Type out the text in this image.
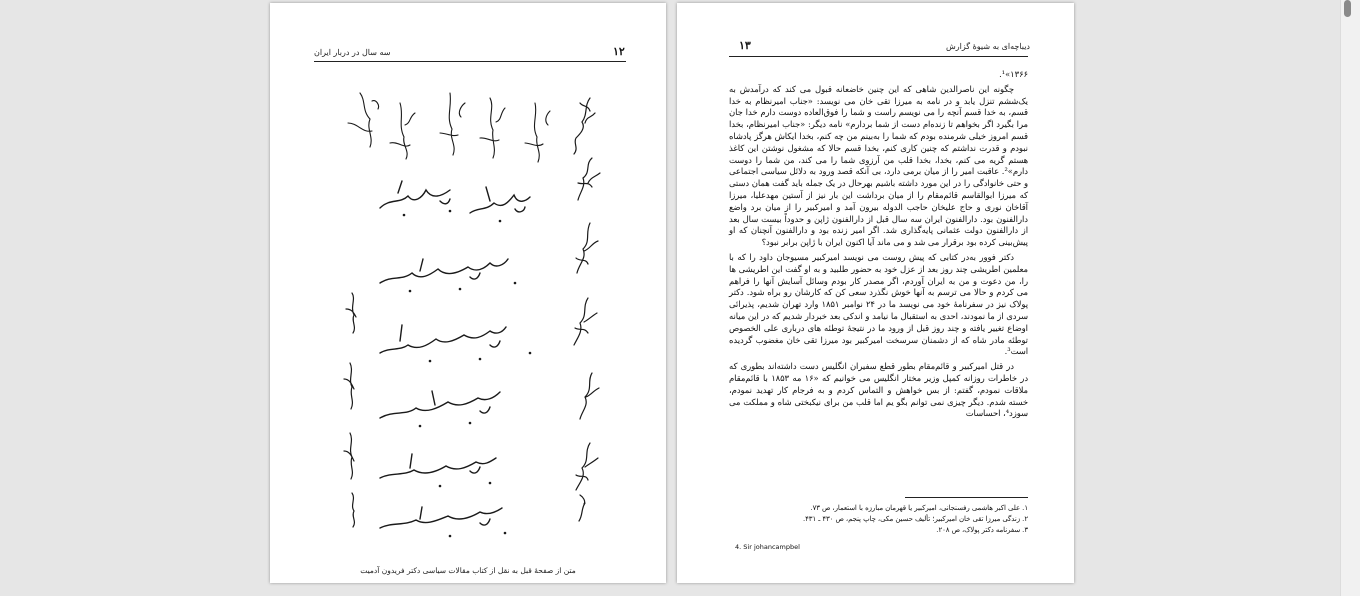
سه سال در دربار ایران	۱۲
متن از صفحهٔ قبل به نقل از کتاب مقالات سیاسی دکتر فریدون آدمیت
دیباچه‌ای به شیوهٔ گزارش
۱۳

۱۳۶۶»¹.

چگونه این ناصرالدین شاهی که این چنین خاضعانه قبول می کند که درآمدش به یک‌ششم تنزل یابد و در نامه به میرزا تقی خان می نویسد: «جناب امیرنظام به خدا قسم، به خدا قسم آنچه را می نویسم راست و شما را فوق‌العاده دوست دارم خدا جان مرا بگیرد اگر بخواهم تا زنده‌ام دست از شما بردارم» نامه دیگر: «جناب امیرنظام، بخدا قسم امروز خیلی شرمنده بودم که شما را به‌بینم من چه کنم، بخدا ایکاش هرگز پادشاه نبودم و قدرت نداشتم که چنین کاری کنم، بخدا قسم حالا که مشغول نوشتن این کاغذ هستم گریه می کنم، بخدا، بخدا قلب من آرزوی شما را می کند، من شما را دوست دارم»². عاقبت امیر را از میان برمی دارد، بی آنکه قصد ورود به دلائل سیاسی اجتماعی و حتی خانوادگی را در این مورد داشته باشیم بهرحال در یک جمله باید گفت همان دستی که میرزا ابوالقاسم قائم‌مقام را از میان برداشت این بار نیز از آستین مهدعلیا، میرزا آقاخان نوری و حاج علیخان حاجب الدوله بیرون آمد و امیرکبیر را از میان برد واضع دارالفنون بود. دارالفنون ایران سه سال قبل از دارالفنون ژاپن و حدوداً بیست سال بعد از دارالفنون دولت عثمانی پایه‌گذاری شد. اگر امیر زنده بود و دارالفنون آنچنان که او پیش‌بینی کرده بود برقرار می شد و می ماند آیا اکنون ایران با ژاپن برابر نبود؟

دکتر فوور به‌در کتابی که پیش روست می نویسد امیرکبیر مسیوجان داود را که با معلمین اطریشی چند روز بعد از عزل خود به حضور طلبید و به او گفت این اطریشی ها را، من دعوت و من به ایران آوردم، اگر مصدر کار بودم وسائل آسایش آنها را فراهم می کردم و حالا می ترسم به آنها خوش نگذرد سعی کن که کارشان رو براه شود. دکتر پولاک نیز در سفرنامهٔ خود می نویسد ما در ۲۴ نوامبر ۱۸۵۱ وارد تهران شدیم، پذیرائی سردی از ما نمودند، احدی به استقبال ما نیامد و اندکی بعد خبردار شدیم که در این میانه اوضاع تغییر یافته و چند روز قبل از ورود ما در نتیجهٔ توطئه های درباری علی الخصوص توطئه مادر شاه که از دشمنان سرسخت امیرکبیر بود میرزا تقی خان مغضوب گردیده است³.

در قتل امیرکبیر و قائم‌مقام بطور قطع سفیران انگلیس دست داشته‌اند بطوری که در خاطرات روزانه کمپل وزیر مختار انگلیس می خوانیم که «۱۶ مه ۱۸۵۳ با قائم‌مقام ملاقات نمودم، گفتم: از بس خواهش و التماس کردم و به فرجام کار تهدید نمودم، خسته شدم. دیگر چیزی نمی توانم بگو یم اما قلب من برای نیکبختی شاه و مملکت می سوزد⁴، احساسات

۱. علی اکبر هاشمی رفسنجانی، امیرکبیر یا قهرمان مبارزه با استعمار، ص ۷۳.
۲. زندگی میرزا تقی خان امیرکبیر؛ تألیف حسین مکی، چاپ پنجم، ص ۴۳۰ ـ ۴۳۱.
۳. سفرنامه دکتر پولاک، ص ۲۰۸.
4. Sir johancampbel
